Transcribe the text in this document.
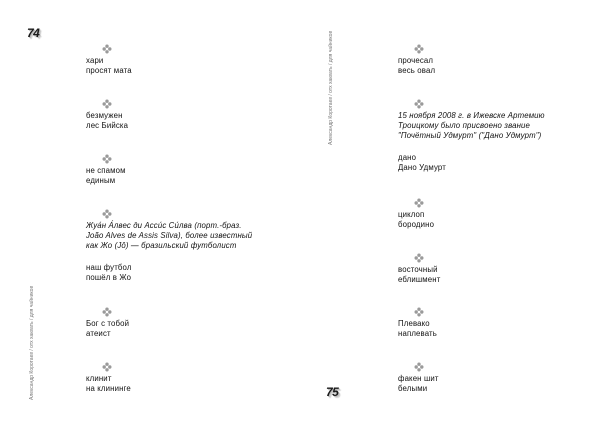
74
Александр Коротаев / отх хаквать / для чайников
хари
просят мата
безмужен
лес Бийска
не спамом
единым
Жуа́н А́лвес ди Асси́с Си́лва (порт.-браз.
João Alves de Assis Silva), более известный
как Жо (Jô) — бразильский футболист
наш футбол
пошёл в Жо
Бог с тобой
атеист
клинит
на клининге	75
Александр Коротаев / отх хаквать / для чайников	прочесал
весь овал
15 ноября 2008 г. в Ижевске Артемию
Троицкому было присвоено звание
"Почётный Удмурт" ("Дано Удмурт")
дано
Дано Удмурт
циклоп
бородино
восточный
еблишмент
Плевако
наплевать
факен шит
белыми
